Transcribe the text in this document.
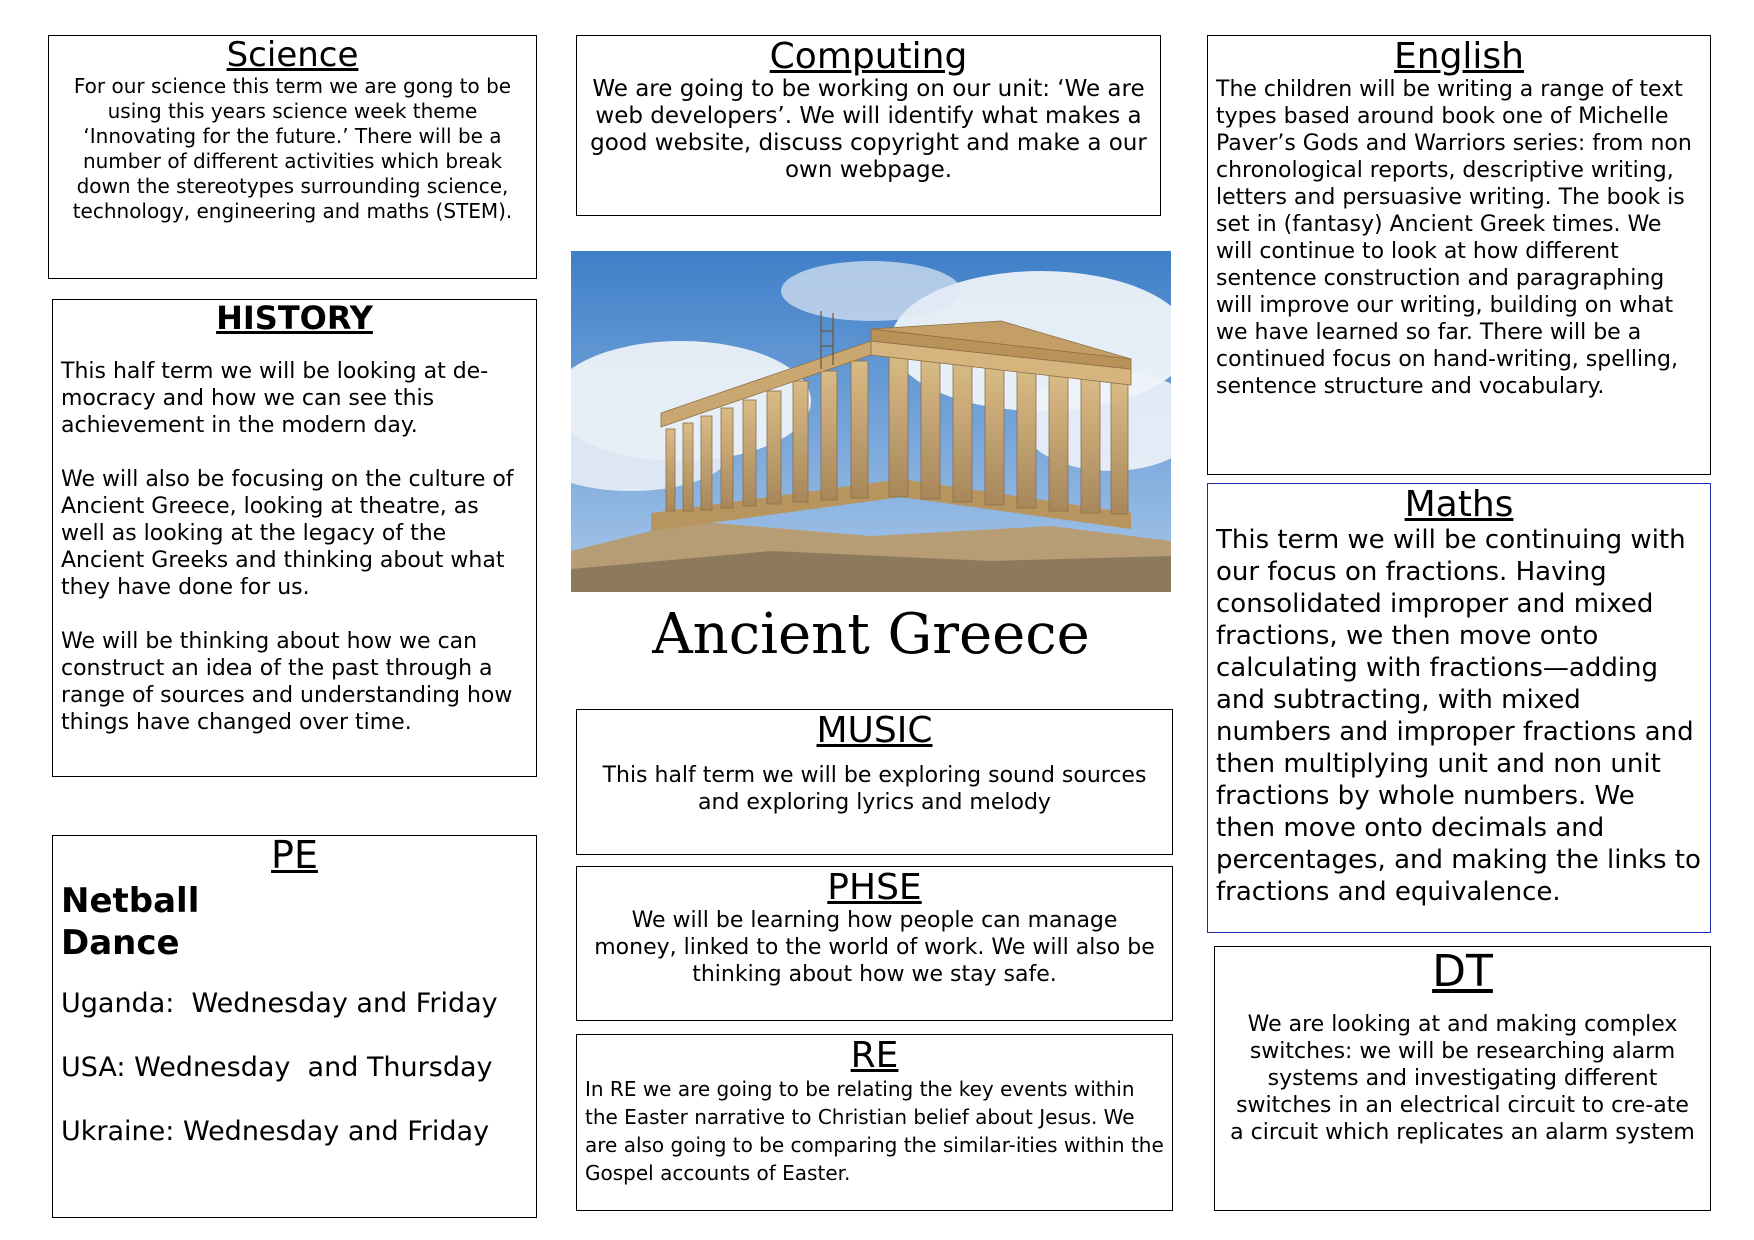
Science

For our science this term we are gong to be using this years science week theme ‘Innovating for the future.’ There will be a number of different activities which break down the stereotypes surrounding science, technology, engineering and maths (STEM).

Computing

We are going to be working on our unit: ‘We are web developers’. We will identify what makes a good website, discuss copyright and make a our own webpage.

English

The children will be writing a range of text types based around book one of Michelle Paver’s Gods and Warriors series: from non chronological reports, descriptive writing, letters and persuasive writing. The book is set in (fantasy) Ancient Greek times. We will continue to look at how different sentence construction and paragraphing will improve our writing, building on what we have learned so far. There will be a continued focus on hand-writing, spelling, sentence structure and vocabulary.

HISTORY
This half term we will be looking at de-mocracy and how we can see this achievement in the modern day.
We will also be focusing on the culture of Ancient Greece, looking at theatre, as well as looking at the legacy of the Ancient Greeks and thinking about what they have done for us.
We will be thinking about how we can construct an idea of the past through a range of sources and understanding how things have changed over time.
Ancient Greece
Maths

This term we will be continuing with our focus on fractions. Having consolidated improper and mixed fractions, we then move onto calculating with fractions—adding and subtracting, with mixed numbers and improper fractions and then multiplying unit and non unit fractions by whole numbers. We then move onto decimals and percentages, and making the links to fractions and equivalence.

MUSIC

This half term we will be exploring sound sources and exploring lyrics and melody

PE
Netball
Dance
Uganda:  Wednesday and Friday
USA: Wednesday  and Thursday
Ukraine: Wednesday and Friday
PHSE

We will be learning how people can manage money, linked to the world of work. We will also be thinking about how we stay safe.

RE

In RE we are going to be relating the key events within the Easter narrative to Christian belief about Jesus. We are also going to be comparing the similar-ities within the Gospel accounts of Easter.

DT

We are looking at and making complex switches: we will be researching alarm systems and investigating different switches in an electrical circuit to cre-ate a circuit which replicates an alarm system
